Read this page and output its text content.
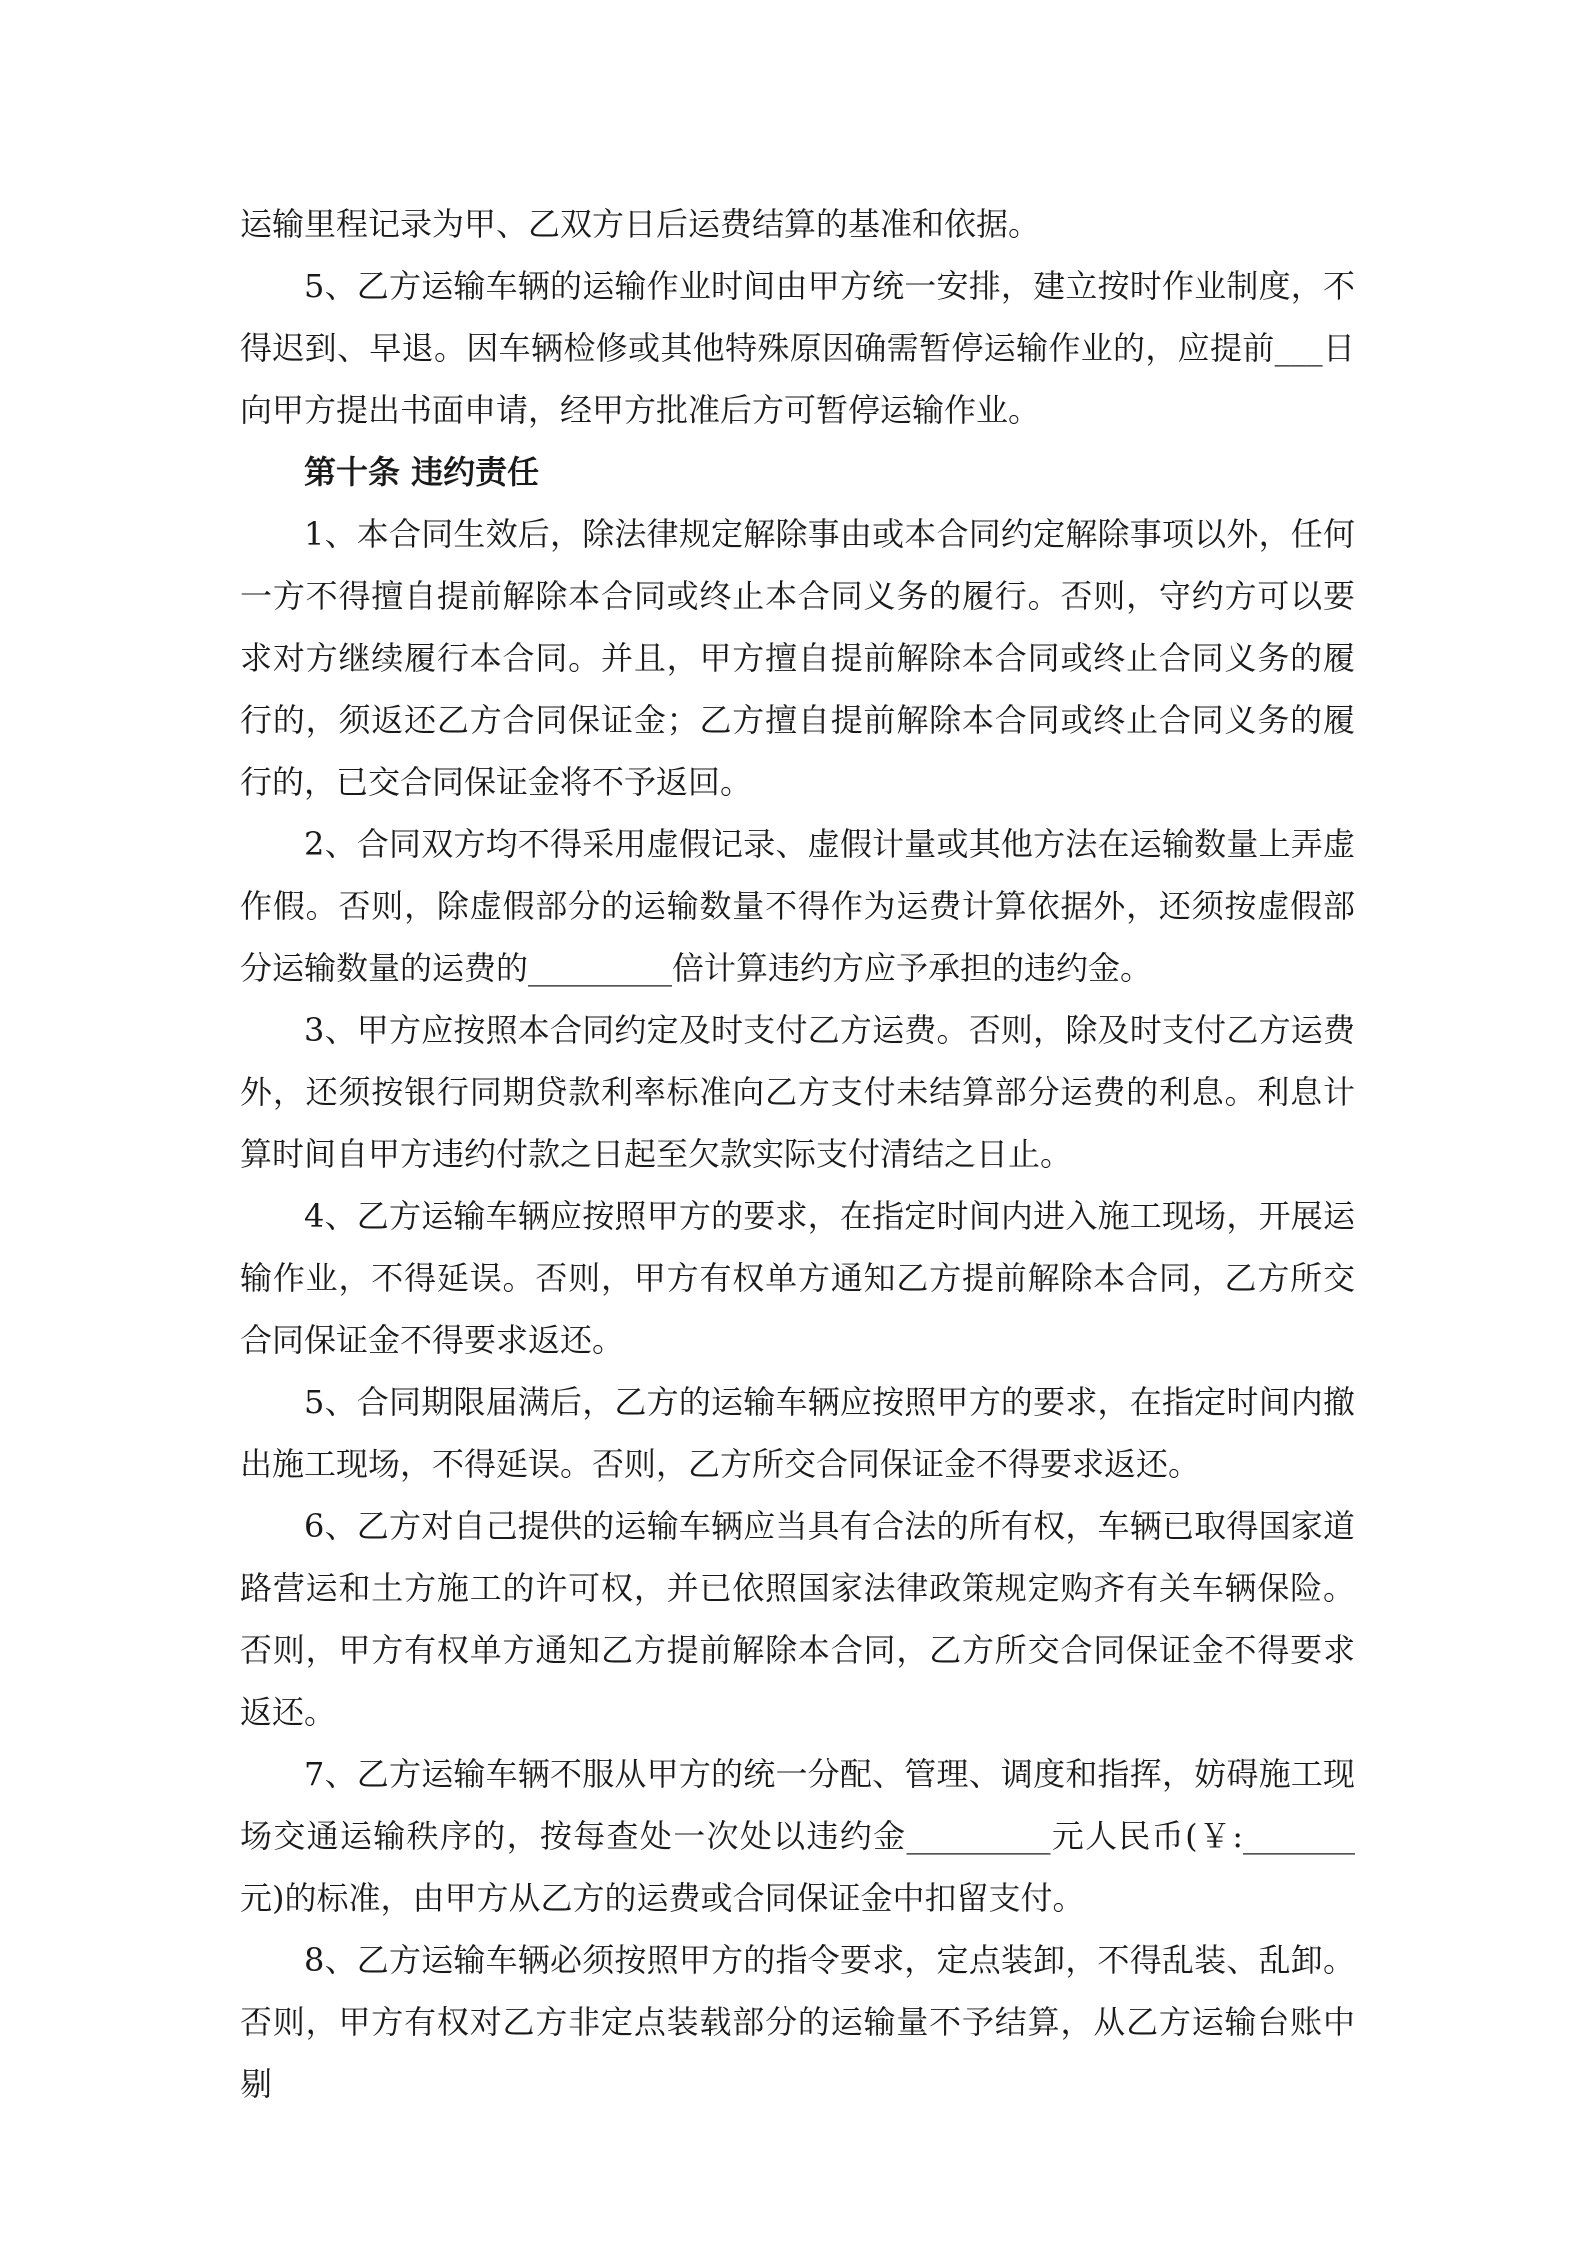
运输里程记录为甲、乙双方日后运费结算的基准和依据。

5、乙方运输车辆的运输作业时间由甲方统一安排，建立按时作业制度，不得迟到、早退。因车辆检修或其他特殊原因确需暂停运输作业的，应提前___日向甲方提出书面申请，经甲方批准后方可暂停运输作业。

第十条 违约责任

1、本合同生效后，除法律规定解除事由或本合同约定解除事项以外，任何一方不得擅自提前解除本合同或终止本合同义务的履行。否则，守约方可以要求对方继续履行本合同。并且，甲方擅自提前解除本合同或终止合同义务的履行的，须返还乙方合同保证金；乙方擅自提前解除本合同或终止合同义务的履行的，已交合同保证金将不予返回。

2、合同双方均不得采用虚假记录、虚假计量或其他方法在运输数量上弄虚作假。否则，除虚假部分的运输数量不得作为运费计算依据外，还须按虚假部分运输数量的运费的_________倍计算违约方应予承担的违约金。

3、甲方应按照本合同约定及时支付乙方运费。否则，除及时支付乙方运费外，还须按银行同期贷款利率标准向乙方支付未结算部分运费的利息。利息计算时间自甲方违约付款之日起至欠款实际支付清结之日止。

4、乙方运输车辆应按照甲方的要求，在指定时间内进入施工现场，开展运输作业，不得延误。否则，甲方有权单方通知乙方提前解除本合同，乙方所交合同保证金不得要求返还。

5、合同期限届满后，乙方的运输车辆应按照甲方的要求，在指定时间内撤出施工现场，不得延误。否则，乙方所交合同保证金不得要求返还。

6、乙方对自己提供的运输车辆应当具有合法的所有权，车辆已取得国家道路营运和土方施工的许可权，并已依照国家法律政策规定购齐有关车辆保险。否则，甲方有权单方通知乙方提前解除本合同，乙方所交合同保证金不得要求返还。

7、乙方运输车辆不服从甲方的统一分配、管理、调度和指挥，妨碍施工现场交通运输秩序的，按每查处一次处以违约金_________元人民币(￥:_______元)的标准，由甲方从乙方的运费或合同保证金中扣留支付。

8、乙方运输车辆必须按照甲方的指令要求，定点装卸，不得乱装、乱卸。否则，甲方有权对乙方非定点装载部分的运输量不予结算，从乙方运输台账中剔
